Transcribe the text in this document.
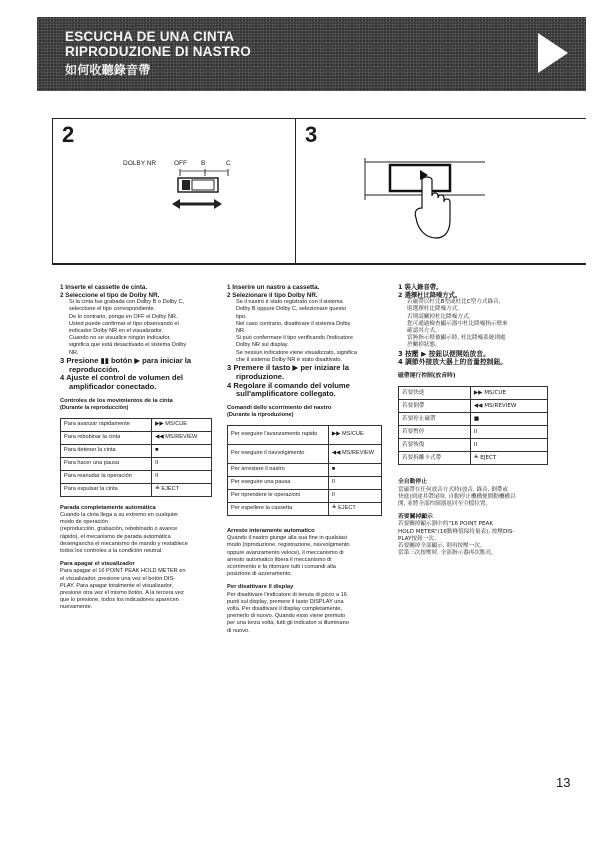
ESCUCHA DE UNA CINTA
RIPRODUZIONE DI NASTRO
如何收聽錄音帶
2	3
DOLBY NR	OFF B	C

1 Inserte el cassette de cinta.

2 Seleccione el tipo de Dolby NR.

Si la cinta fue grabada con Dolby B o Dolby C,

seleccione el tipo correspondiente.

De lo contrario, ponga en OFF el Dolby NR.

Usted puede confirmar el tipo observando el

indicador Dolby NR en el visualizador.

Cuando no se visualice ningún indicador,

significa que está desactivado el sistema Dolby

NR.

3 Presione ▮▮ botón ▶ para iniciar la

reproducción.

4 Ajuste el control de volumen del

amplificador conectado.

Controles de los movimientos de la cinta

(Durante la reproducción)

Para avanzar rápidamente	▶▶ MS/CUE
Para rebobinar la cinta	◀◀ MS/REVIEW
Para detener la cinta	■
Para hacer una pausa	II
Para reanudar la operación	II
Para expulsar la cinta	≜ EJECT

Parada completamente automática

Cuando la cinta llega a su extremo en cualquier

modo de operación

(reproducción, grabación, rebobinado o avance

rápido), el mecanismo de parada automática

desengancha el mecanismo de mando y restablece

todos los controles a la condición neutral.

Para apagar el visualizador

Para apagar el 16 POINT PEAK HOLD METER en

el visualizador, presione una vez el botón DIS-

PLAY. Para apagar totalmente el visualizador,

presione otra vez el mismo botón. A la tercera vez

que lo presione, todos los indicadores aparecen

nuevamente.

1 Inserire un nastro a cassetta.

2 Selezionare il tipo Dolby NR.

Se il nastro è stato registrato con il sistema

Dolby B oppure Dolby C, selezionare questo

tipo.

Nel caso contrario, disattivare il sistema Dolby

NR.

Si può confermare il tipo verificando l'indicatore

Dolby NR sul display.

Se nessun indicatore viene visualizzato, significa

che il sistema Dolby NR è stato disattivato.

3 Premere il tasto ▶ per iniziare la

riproduzione.

4 Regolare il comando del volume

sull'amplificatore collegato.

Comandi dello scorrimento del nastro

(Durante la riproduzione)

Per eseguire l'avanzamento rapido	▶▶ MS/CUE
Per eseguire il riavvolgimento	◀◀ MS/REVIEW
Per arrestare il nastro	■
Per eseguire una pausa	II
Per riprendere le operazioni	II
Per espellere la cassetta	≜ EJECT

Arresto interamente automatico

Quando il nastro giunge alla sua fine in qualsiasi

modo (riproduzione, registrazione, riavvolgimento

oppure avanzamento veloce), il meccanismo di

arresto automatico libera il meccanismo di

scorrimento e fa ritornare tutti i comandi alla

posizione di azzeramento.

Per disattivare il display

Per disattivare l'indicatore di tenuta di picco a 16

punti sul display, premere il tasto DISPLAY una

volta. Per disattivare il display completamente,

premerlo di nuovo. Quando esso viene premuto

per una terza volta, tutti gli indicatori si illuminano

di nuovo.

1 裝入錄音帶。

2 選擇杜比降噪方式。

若磁帶以杜比B型或杜比C型方式錄音,

則選擇杜比降噪方式。

否則請關掉杜比降噪方式。

您可通過檢查顯示器中杜比降噪指示燈來

確認其方式。

當無指示燈被顯示時, 杜比降噪系統則處

於關掉狀態。

3 按壓 ▶ 按鈕以便開始放音。

4 調節外接放大器上的音量控制鈕。

磁帶運行控制(放音時)

若要快進	▶▶ MS/CUE
若要倒帶	◀◀ MS/REVIEW
若要停止磁帶	■
若要暫停	II
若要恢復	II
若要拆離卡式帶	≜ EJECT

全自動停止

當磁帶在任何放音方式時(放音, 錄音, 倒帶或

快進)到達其帶尾時, 自動停止機構便開動機構以

開, 並將全部控制器返回至空檔位置。

若要關掉顯示

若要關掉顯示器中的"16 POINT PEAK

HOLD METER"(16點峰值保持量表), 按壓DIS-

PLAY按鈕一次。

若要關掉全部顯示, 則再按壓一次。

當第三次按壓時, 全部指示器再次點亮。

13
